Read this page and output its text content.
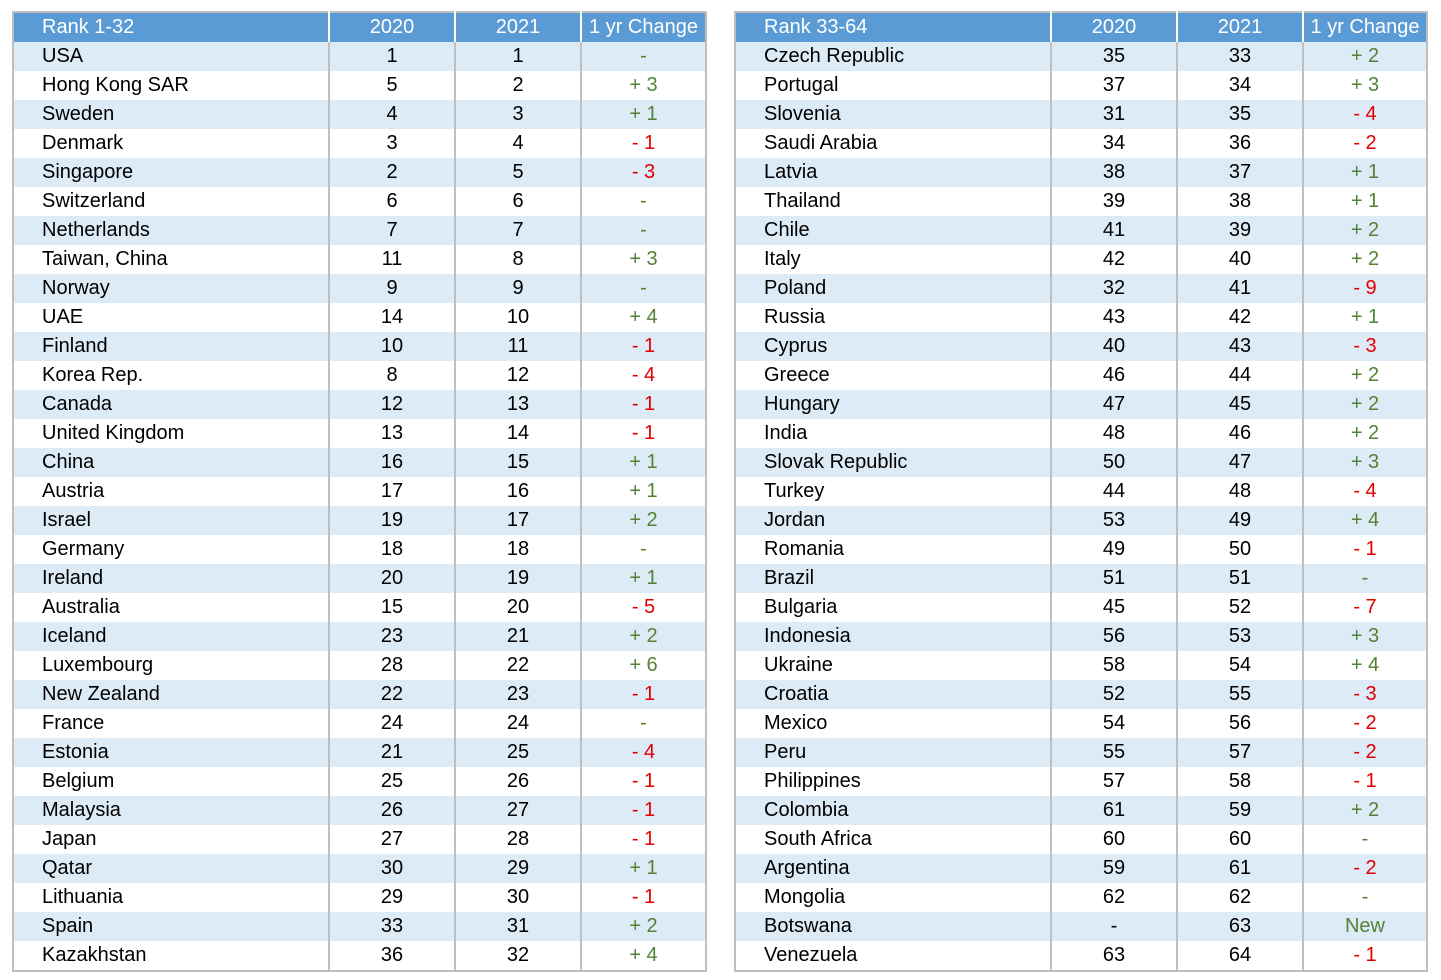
Rank 1-32	2020	2021	1 yr Change
USA	1	1	-
Hong Kong SAR	5	2	+ 3
Sweden	4	3	+ 1
Denmark	3	4	- 1
Singapore	2	5	- 3
Switzerland	6	6	-
Netherlands	7	7	-
Taiwan, China	11	8	+ 3
Norway	9	9	-
UAE	14	10	+ 4
Finland	10	11	- 1
Korea Rep.	8	12	- 4
Canada	12	13	- 1
United Kingdom	13	14	- 1
China	16	15	+ 1
Austria	17	16	+ 1
Israel	19	17	+ 2
Germany	18	18	-
Ireland	20	19	+ 1
Australia	15	20	- 5
Iceland	23	21	+ 2
Luxembourg	28	22	+ 6
New Zealand	22	23	- 1
France	24	24	-
Estonia	21	25	- 4
Belgium	25	26	- 1
Malaysia	26	27	- 1
Japan	27	28	- 1
Qatar	30	29	+ 1
Lithuania	29	30	- 1
Spain	33	31	+ 2
Kazakhstan	36	32	+ 4
Rank 33-64	2020	2021	1 yr Change
Czech Republic	35	33	+ 2
Portugal	37	34	+ 3
Slovenia	31	35	- 4
Saudi Arabia	34	36	- 2
Latvia	38	37	+ 1
Thailand	39	38	+ 1
Chile	41	39	+ 2
Italy	42	40	+ 2
Poland	32	41	- 9
Russia	43	42	+ 1
Cyprus	40	43	- 3
Greece	46	44	+ 2
Hungary	47	45	+ 2
India	48	46	+ 2
Slovak Republic	50	47	+ 3
Turkey	44	48	- 4
Jordan	53	49	+ 4
Romania	49	50	- 1
Brazil	51	51	-
Bulgaria	45	52	- 7
Indonesia	56	53	+ 3
Ukraine	58	54	+ 4
Croatia	52	55	- 3
Mexico	54	56	- 2
Peru	55	57	- 2
Philippines	57	58	- 1
Colombia	61	59	+ 2
South Africa	60	60	-
Argentina	59	61	- 2
Mongolia	62	62	-
Botswana	-	63	New
Venezuela	63	64	- 1
